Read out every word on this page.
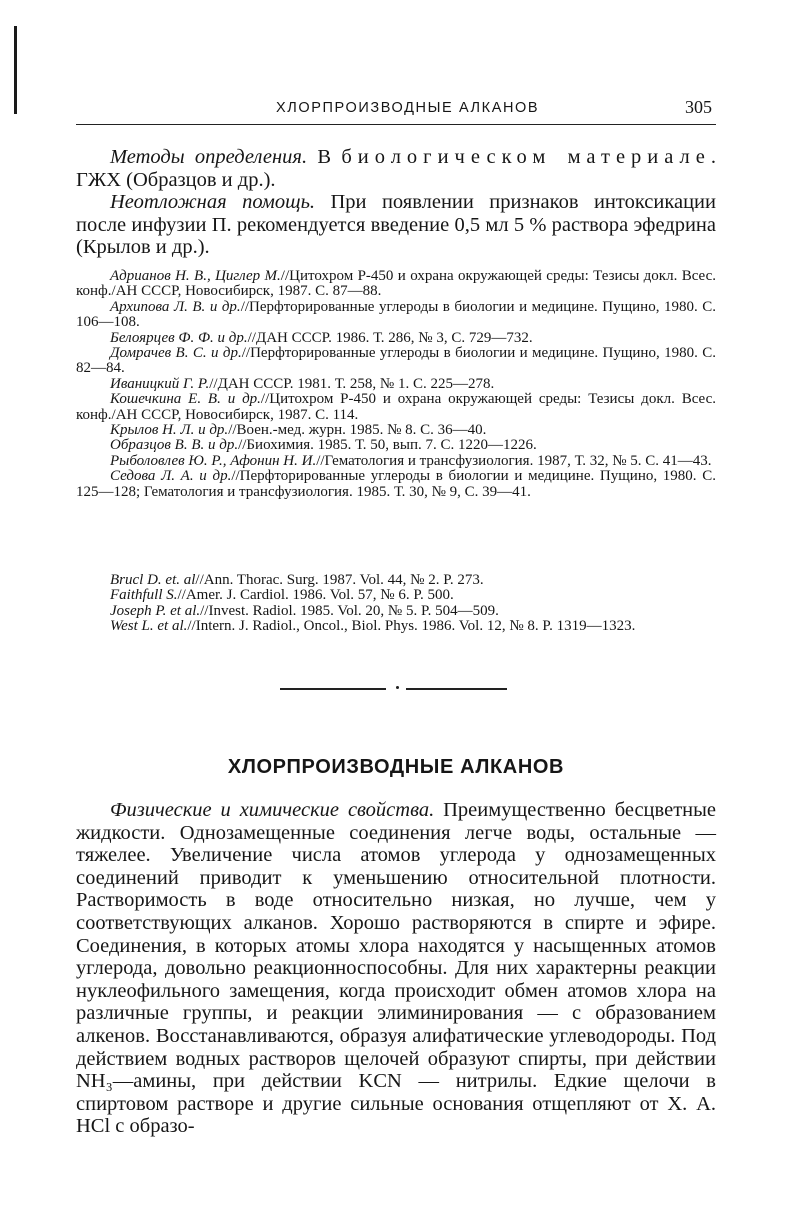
ХЛОРПРОИЗВОДНЫЕ АЛКАНОВ	305

Методы определения. В биологическом материале. ГЖХ (Образцов и др.).

Неотложная помощь. При появлении признаков интоксикации после инфузии П. рекомендуется введение 0,5 мл 5 % раствора эфедрина (Крылов и др.).

Адрианов Н. В., Циглер М.//Цитохром Р-450 и охрана окружающей среды: Тезисы докл. Всес. конф./АН СССР, Новосибирск, 1987. С. 87—88.

Архипова Л. В. и др.//Перфторированные углероды в биологии и медицине. Пущино, 1980. С. 106—108.

Белоярцев Ф. Ф. и др.//ДАН СССР. 1986. Т. 286, № 3, С. 729—732.

Домрачев В. С. и др.//Перфторированные углероды в биологии и медицине. Пущино, 1980. С. 82—84.

Иваницкий Г. Р.//ДАН СССР. 1981. Т. 258, № 1. С. 225—278.

Кошечкина Е. В. и др.//Цитохром Р-450 и охрана окружающей среды: Тезисы докл. Всес. конф./АН СССР, Новосибирск, 1987. С. 114.

Крылов Н. Л. и др.//Воен.-мед. журн. 1985. № 8. С. 36—40.

Образцов В. В. и др.//Биохимия. 1985. Т. 50, вып. 7. С. 1220—1226.

Рыболовлев Ю. Р., Афонин Н. И.//Гематология и трансфузиология. 1987, Т. 32, № 5. С. 41—43.

Седова Л. А. и др.//Перфторированные углероды в биологии и медицине. Пущино, 1980. С. 125—128; Гематология и трансфузиология. 1985. Т. 30, № 9, С. 39—41.

Brucl D. et. al//Ann. Thorac. Surg. 1987. Vol. 44, № 2. P. 273.

Faithfull S.//Amer. J. Cardiol. 1986. Vol. 57, № 6. P. 500.

Joseph P. et al.//Invest. Radiol. 1985. Vol. 20, № 5. P. 504—509.

West L. et al.//Intern. J. Radiol., Oncol., Biol. Phys. 1986. Vol. 12, № 8. P. 1319—1323.

ХЛОРПРОИЗВОДНЫЕ АЛКАНОВ

Физические и химические свойства. Преимущественно бесцветные жидкости. Однозамещенные соединения легче воды, остальные — тяжелее. Увеличение числа атомов углерода у однозамещенных соединений приводит к уменьшению относительной плотности. Растворимость в воде относительно низкая, но лучше, чем у соответствующих алканов. Хорошо растворяются в спирте и эфире. Соединения, в которых атомы хлора находятся у насыщенных атомов углерода, довольно реакционноспособны. Для них характерны реакции нуклеофильного замещения, когда происходит обмен атомов хлора на различные группы, и реакции элиминирования — с образованием алкенов. Восстанавливаются, образуя алифатические углеводороды. Под действием водных растворов щелочей образуют спирты, при действии NH₃—амины, при действии KCN — нитрилы. Едкие щелочи в спиртовом растворе и другие сильные основания отщепляют от Х. А. HCl с образо-
